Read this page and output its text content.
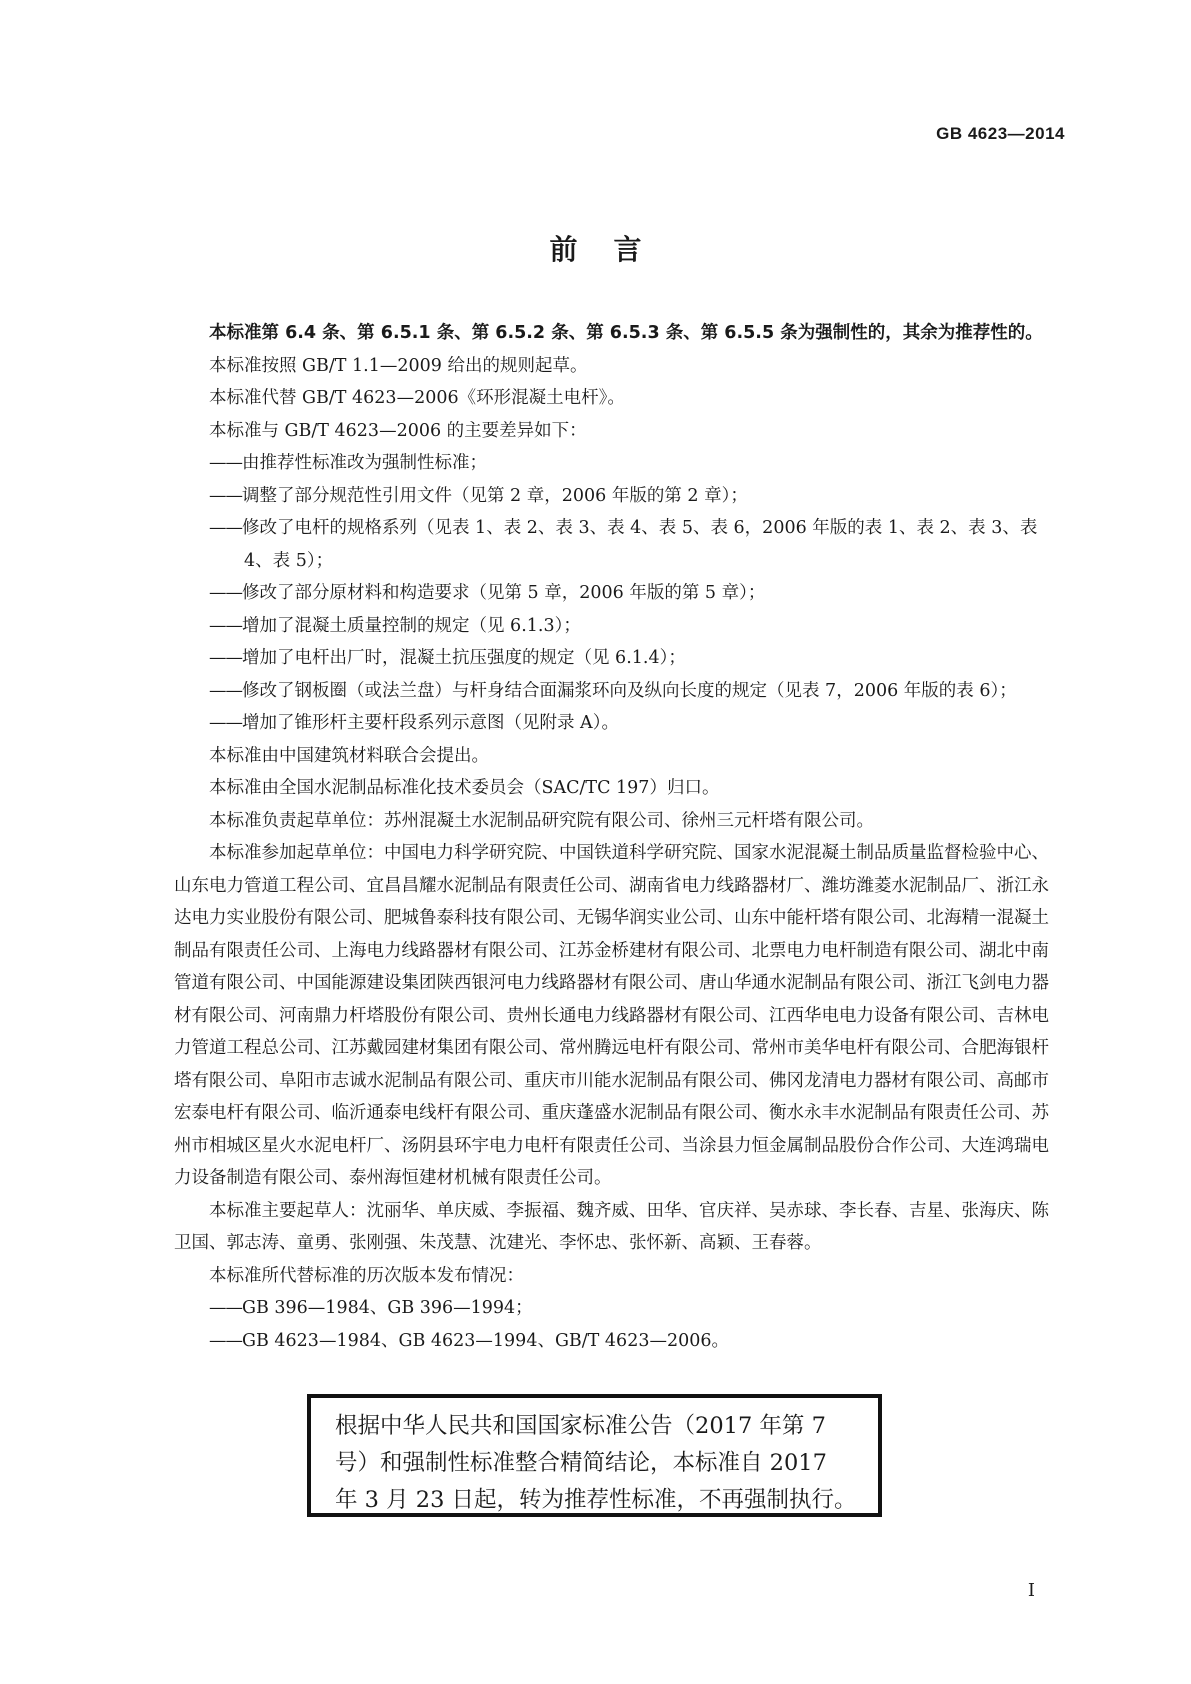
GB 4623—2014
前言

本标准第 6.4 条、第 6.5.1 条、第 6.5.2 条、第 6.5.3 条、第 6.5.5 条为强制性的，其余为推荐性的。

本标准按照 GB/T 1.1—2009 给出的规则起草。

本标准代替 GB/T 4623—2006《环形混凝土电杆》。

本标准与 GB/T 4623—2006 的主要差异如下：

——由推荐性标准改为强制性标准；

——调整了部分规范性引用文件（见第 2 章，2006 年版的第 2 章）；

——修改了电杆的规格系列（见表 1、表 2、表 3、表 4、表 5、表 6，2006 年版的表 1、表 2、表 3、表 4、表 5）；

——修改了部分原材料和构造要求（见第 5 章，2006 年版的第 5 章）；

——增加了混凝土质量控制的规定（见 6.1.3）；

——增加了电杆出厂时，混凝土抗压强度的规定（见 6.1.4）；

——修改了钢板圈（或法兰盘）与杆身结合面漏浆环向及纵向长度的规定（见表 7，2006 年版的表 6）；

——增加了锥形杆主要杆段系列示意图（见附录 A）。

本标准由中国建筑材料联合会提出。

本标准由全国水泥制品标准化技术委员会（SAC/TC 197）归口。

本标准负责起草单位：苏州混凝土水泥制品研究院有限公司、徐州三元杆塔有限公司。

本标准参加起草单位：中国电力科学研究院、中国铁道科学研究院、国家水泥混凝土制品质量监督检验中心、山东电力管道工程公司、宜昌昌耀水泥制品有限责任公司、湖南省电力线路器材厂、潍坊潍菱水泥制品厂、浙江永达电力实业股份有限公司、肥城鲁泰科技有限公司、无锡华润实业公司、山东中能杆塔有限公司、北海精一混凝土制品有限责任公司、上海电力线路器材有限公司、江苏金桥建材有限公司、北票电力电杆制造有限公司、湖北中南管道有限公司、中国能源建设集团陕西银河电力线路器材有限公司、唐山华通水泥制品有限公司、浙江飞剑电力器材有限公司、河南鼎力杆塔股份有限公司、贵州长通电力线路器材有限公司、江西华电电力设备有限公司、吉林电力管道工程总公司、江苏戴园建材集团有限公司、常州腾远电杆有限公司、常州市美华电杆有限公司、合肥海银杆塔有限公司、阜阳市志诚水泥制品有限公司、重庆市川能水泥制品有限公司、佛冈龙清电力器材有限公司、高邮市宏泰电杆有限公司、临沂通泰电线杆有限公司、重庆蓬盛水泥制品有限公司、衡水永丰水泥制品有限责任公司、苏州市相城区星火水泥电杆厂、汤阴县环宇电力电杆有限责任公司、当涂县力恒金属制品股份合作公司、大连鸿瑞电力设备制造有限公司、泰州海恒建材机械有限责任公司。

本标准主要起草人：沈丽华、单庆威、李振福、魏齐威、田华、官庆祥、吴赤球、李长春、吉星、张海庆、陈卫国、郭志涛、童勇、张刚强、朱茂慧、沈建光、李怀忠、张怀新、高颖、王春蓉。

本标准所代替标准的历次版本发布情况：

——GB 396—1984、GB 396—1994；

——GB 4623—1984、GB 4623—1994、GB/T 4623—2006。

根据中华人民共和国国家标准公告（2017 年第 7
号）和强制性标准整合精简结论，本标准自 2017
年 3 月 23 日起，转为推荐性标准，不再强制执行。
I
